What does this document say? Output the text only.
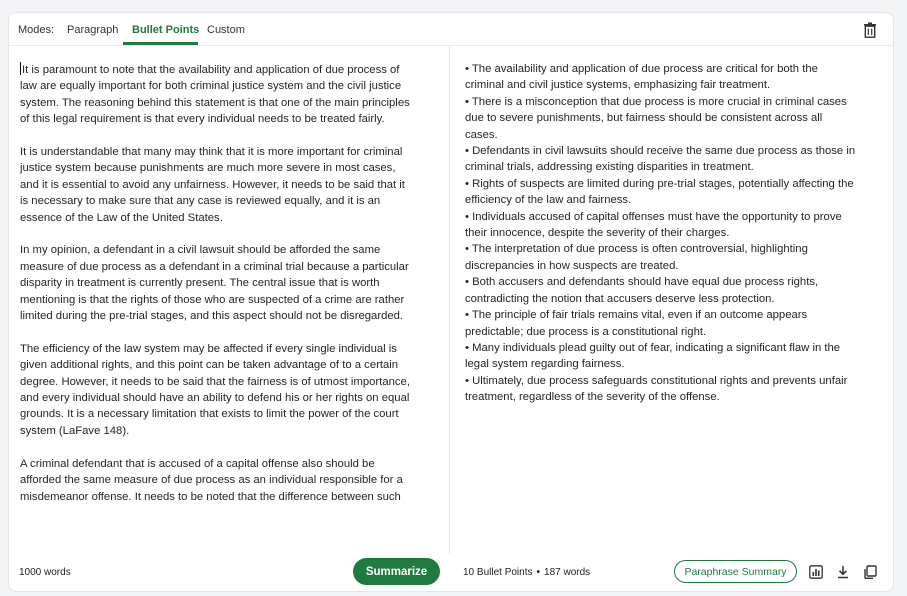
Modes: Paragraph Bullet Points Custom

It is paramount to note that the availability and application of due process of law are equally important for both criminal justice system and the civil justice system. The reasoning behind this statement is that one of the main principles of this legal requirement is that every individual needs to be treated fairly.

It is understandable that many may think that it is more important for criminal justice system because punishments are much more severe in most cases, and it is essential to avoid any unfairness. However, it needs to be said that it is necessary to make sure that any case is reviewed equally, and it is an essence of the Law of the United States.

In my opinion, a defendant in a civil lawsuit should be afforded the same measure of due process as a defendant in a criminal trial because a particular disparity in treatment is currently present. The central issue that is worth mentioning is that the rights of those who are suspected of a crime are rather limited during the pre-trial stages, and this aspect should not be disregarded.

The efficiency of the law system may be affected if every single individual is given additional rights, and this point can be taken advantage of to a certain degree. However, it needs to be said that the fairness is of utmost importance, and every individual should have an ability to defend his or her rights on equal grounds. It is a necessary limitation that exists to limit the power of the court system (LaFave 148).

A criminal defendant that is accused of a capital offense also should be afforded the same measure of due process as an individual responsible for a misdemeanor offense. It needs to be noted that the difference between such

• The availability and application of due process are critical for both the criminal and civil justice systems, emphasizing fair treatment.

• There is a misconception that due process is more crucial in criminal cases due to severe punishments, but fairness should be consistent across all cases.

• Defendants in civil lawsuits should receive the same due process as those in criminal trials, addressing existing disparities in treatment.

• Rights of suspects are limited during pre-trial stages, potentially affecting the efficiency of the law and fairness.

• Individuals accused of capital offenses must have the opportunity to prove their innocence, despite the severity of their charges.

• The interpretation of due process is often controversial, highlighting discrepancies in how suspects are treated.

• Both accusers and defendants should have equal due process rights, contradicting the notion that accusers deserve less protection.

• The principle of fair trials remains vital, even if an outcome appears predictable; due process is a constitutional right.

• Many individuals plead guilty out of fear, indicating a significant flaw in the legal system regarding fairness.

• Ultimately, due process safeguards constitutional rights and prevents unfair treatment, regardless of the severity of the offense.

1000 words	Summarize	10 Bullet Points • 187 words	Paraphrase Summary
